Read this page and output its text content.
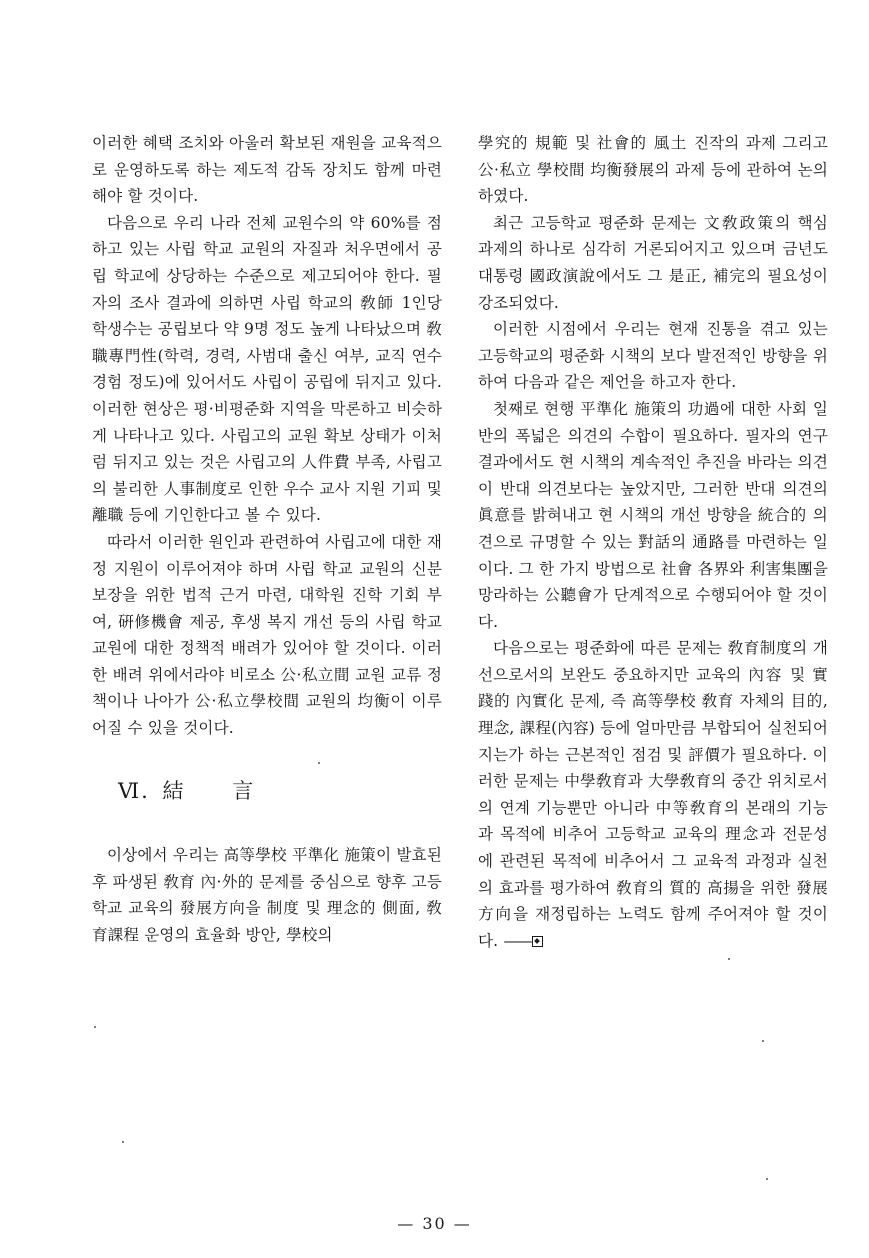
이러한 혜택 조치와 아울러 확보된 재원을 교육적으로 운영하도록 하는 제도적 감독 장치도 함께 마련해야 할 것이다.

다음으로 우리 나라 전체 교원수의 약 60%를 점하고 있는 사립 학교 교원의 자질과 처우면에서 공립 학교에 상당하는 수준으로 제고되어야 한다. 필자의 조사 결과에 의하면 사립 학교의 敎師 1인당 학생수는 공립보다 약 9명 정도 높게 나타났으며 敎職專門性(학력, 경력, 사범대 출신 여부, 교직 연수 경험 정도)에 있어서도 사립이 공립에 뒤지고 있다. 이러한 현상은 평·비평준화 지역을 막론하고 비슷하게 나타나고 있다. 사립고의 교원 확보 상태가 이처럼 뒤지고 있는 것은 사립고의 人件費 부족, 사립고의 불리한 人事制度로 인한 우수 교사 지원 기피 및 離職 등에 기인한다고 볼 수 있다.

따라서 이러한 원인과 관련하여 사립고에 대한 재정 지원이 이루어져야 하며 사립 학교 교원의 신분 보장을 위한 법적 근거 마련, 대학원 진학 기회 부여, 硏修機會 제공, 후생 복지 개선 등의 사립 학교 교원에 대한 정책적 배려가 있어야 할 것이다. 이러한 배려 위에서라야 비로소 公·私立間 교원 교류 정책이나 나아가 公·私立學校間 교원의 均衡이 이루어질 수 있을 것이다.

Ⅵ. 結 言

이상에서 우리는 高等學校 平準化 施策이 발효된 후 파생된 敎育 內·外的 문제를 중심으로 향후 고등학교 교육의 發展方向을 制度 및 理念的 側面, 敎育課程 운영의 효율화 방안, 學校의

學究的 規範 및 社會的 風土 진작의 과제 그리고 公·私立 學校間 均衡發展의 과제 등에 관하여 논의하였다.

최근 고등학교 평준화 문제는 文敎政策의 핵심 과제의 하나로 심각히 거론되어지고 있으며 금년도 대통령 國政演說에서도 그 是正, 補完의 필요성이 강조되었다.

이러한 시점에서 우리는 현재 진통을 겪고 있는 고등학교의 평준화 시책의 보다 발전적인 방향을 위하여 다음과 같은 제언을 하고자 한다.

첫째로 현행 平準化 施策의 功過에 대한 사회 일반의 폭넓은 의견의 수합이 필요하다. 필자의 연구 결과에서도 현 시책의 계속적인 추진을 바라는 의견이 반대 의견보다는 높았지만, 그러한 반대 의견의 眞意를 밝혀내고 현 시책의 개선 방향을 統合的 의견으로 규명할 수 있는 對話의 通路를 마련하는 일이다. 그 한 가지 방법으로 社會 各界와 利害集團을 망라하는 公聽會가 단계적으로 수행되어야 할 것이다.

다음으로는 평준화에 따른 문제는 敎育制度의 개선으로서의 보완도 중요하지만 교육의 內容 및 實踐的 內實化 문제, 즉 高等學校 敎育 자체의 目的, 理念, 課程(內容) 등에 얼마만큼 부합되어 실천되어지는가 하는 근본적인 점검 및 評價가 필요하다. 이러한 문제는 中學敎育과 大學敎育의 중간 위치로서의 연계 기능뿐만 아니라 中等敎育의 본래의 기능과 목적에 비추어 고등학교 교육의 理念과 전문성에 관련된 목적에 비추어서 그 교육적 과정과 실천의 효과를 평가하여 敎育의 質的 高揚을 위한 發展方向을 재정립하는 노력도 함께 주어져야 할 것이다. ——

— 30 —
